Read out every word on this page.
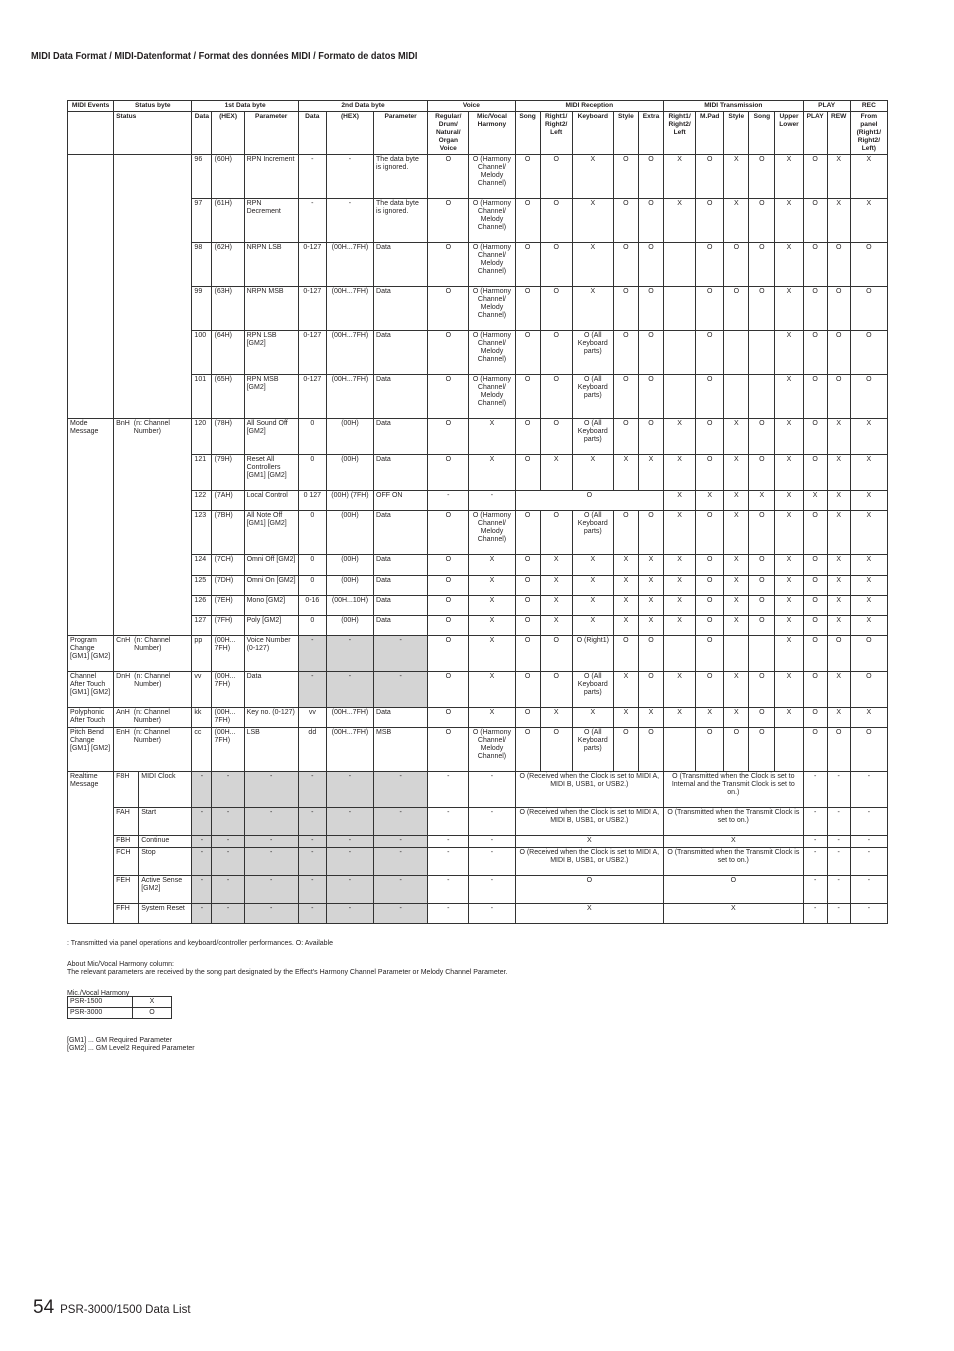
MIDI Data Format / MIDI-Datenformat / Format des données MIDI / Formato de datos MIDI
MIDI Events	Status byte		1st Data byte			2nd Data byte			Voice		MIDI Reception					MIDI Transmission					PLAY		REC
	Status		Data	(HEX)	Parameter	Data	(HEX)	Parameter	Regular/ Drum/ Natural/ Organ Voice	Mic/Vocal Harmony	Song	Right1/ Right2/ Left	Keyboard	Style	Extra	Right1/ Right2/ Left	M.Pad	Style	Song	Upper Lower	PLAY	REW	From panel (Right1/ Right2/ Left)
			96	(60H)	RPN Increment	-	-	The data byte is ignored.	O	O (Harmony Channel/ Melody Channel)	O	O	X	O	O	X	O	X	O	X	O	X	X
			97	(61H)	RPN Decrement	-	-	The data byte is ignored.	O	O (Harmony Channel/ Melody Channel)	O	O	X	O	O	X	O	X	O	X	O	X	X
			98	(62H)	NRPN LSB	0-127	(00H...7FH)	Data	O	O (Harmony Channel/ Melody Channel)	O	O	X	O	O		O	O	O	X	O	O	O
			99	(63H)	NRPN MSB	0-127	(00H...7FH)	Data	O	O (Harmony Channel/ Melody Channel)	O	O	X	O	O		O	O	O	X	O	O	O
			100	(64H)	RPN LSB [GM2]	0-127	(00H...7FH)	Data	O	O (Harmony Channel/ Melody Channel)	O	O	O (All Keyboard parts)	O	O		O			X	O	O	O
			101	(65H)	RPN MSB [GM2]	0-127	(00H...7FH)	Data	O	O (Harmony Channel/ Melody Channel)	O	O	O (All Keyboard parts)	O	O		O			X	O	O	O
Mode Message	BnH (n: Channel Number)		120	(78H)	All Sound Off [GM2]	0	(00H)	Data	O	X	O	O	O (All Keyboard parts)	O	O	X	O	X	O	X	O	X	X
			121	(79H)	Reset All Controllers [GM1] [GM2]	0	(00H)	Data	O	X	O	X	X	X	X	X	O	X	O	X	O	X	X
			122	(7AH)	Local Control	0 127	(00H) (7FH)	OFF ON	-	-	O					X	X	X	X	X	X	X	X
			123	(7BH)	All Note Off [GM1] [GM2]	0	(00H)	Data	O	O (Harmony Channel/ Melody Channel)	O	O	O (All Keyboard parts)	O	O	X	O	X	O	X	O	X	X
			124	(7CH)	Omni Off [GM2]	0	(00H)	Data	O	X	O	X	X	X	X	X	O	X	O	X	O	X	X
			125	(7DH)	Omni On [GM2]	0	(00H)	Data	O	X	O	X	X	X	X	X	O	X	O	X	O	X	X
			126	(7EH)	Mono [GM2]	0-16	(00H...10H)	Data	O	X	O	X	X	X	X	X	O	X	O	X	O	X	X
			127	(7FH)	Poly [GM2]	0	(00H)	Data	O	X	O	X	X	X	X	X	O	X	O	X	O	X	X
Program Change [GM1] [GM2]	CnH (n: Channel Number)		pp	(00H... 7FH)	Voice Number (0-127)	-	-	-	O	X	O	O	O (Right1)	O	O		O			X	O	O	O
Channel After Touch [GM1] [GM2]	DnH (n: Channel Number)		vv	(00H... 7FH)	Data	-	-	-	O	X	O	O	O (All Keyboard parts)	X	O	X	O	X	O	X	O	X	O
Polyphonic After Touch	AnH (n: Channel Number)		kk	(00H... 7FH)	Key no. (0-127)	vv	(00H...7FH)	Data	O	X	O	X	X	X	X	X	X	X	O	X	O	X	X
Pitch Bend Change [GM1] [GM2]	EnH (n: Channel Number)		cc	(00H... 7FH)	LSB	dd	(00H...7FH)	MSB	O	O (Harmony Channel/ Melody Channel)	O	O	O (All Keyboard parts)	O	O		O	O	O		O	O	O
Realtime Message	F8H	MIDI Clock	-	-	-	-	-	-	-	-	O (Received when the Clock is set to MIDI A, MIDI B, USB1, or USB2.)					O (Transmitted when the Clock is set to Internal and the Transmit Clock is set to on.)					-	-	-
	FAH	Start	-	-	-	-	-	-	-	-	O (Received when the Clock is set to MIDI A, MIDI B, USB1, or USB2.)					O (Transmitted when the Transmit Clock is set to on.)					-	-	-
	FBH	Continue	-	-	-	-	-	-	-	-	X					X					-	-	-
	FCH	Stop	-	-	-	-	-	-	-	-	O (Received when the Clock is set to MIDI A, MIDI B, USB1, or USB2.)					O (Transmitted when the Transmit Clock is set to on.)					-	-	-
	FEH	Active Sense [GM2]	-	-	-	-	-	-	-	-	O					O					-	-	-
	FFH	System Reset	-	-	-	-	-	-	-	-	X					X					-	-	-

: Transmitted via panel operations and keyboard/controller performances. O: Available

About Mic/Vocal Harmony column:

The relevant parameters are received by the song part designated by the Effect's Harmony Channel Parameter or Melody Channel Parameter.

Mic./Vocal Harmony

PSR-1500	X
PSR-3000	O

[GM1] ... GM Required Parameter

[GM2] ... GM Level2 Required Parameter

54 PSR-3000/1500 Data List
